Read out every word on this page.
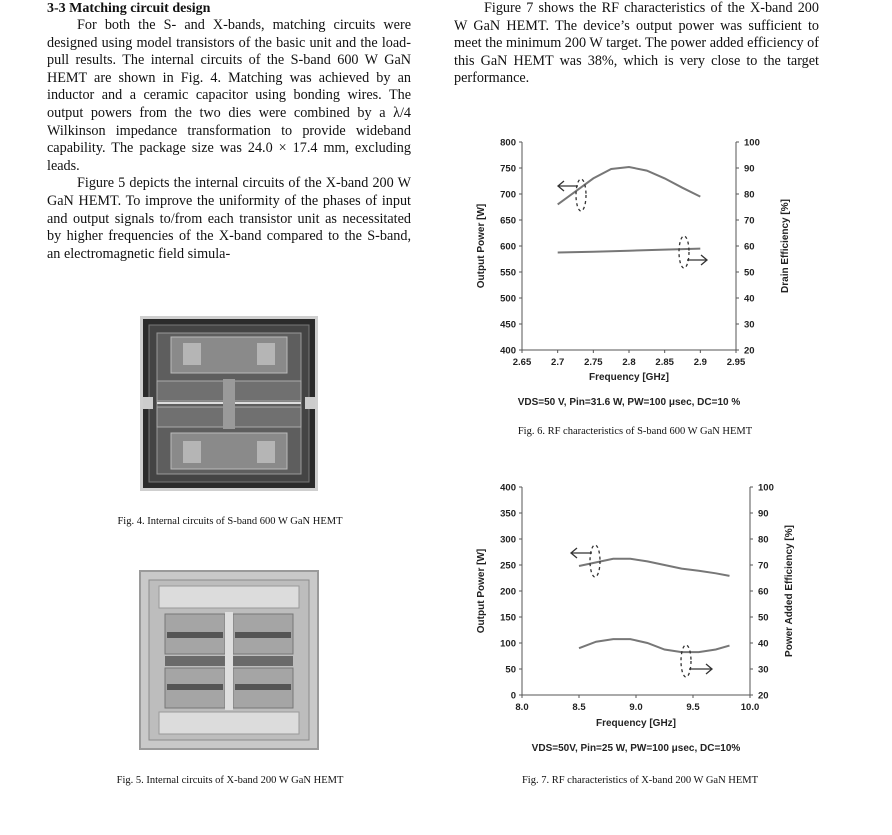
3-3 Matching circuit design

For both the S- and X-bands, matching circuits were designed using model transistors of the basic unit and the load-pull results. The internal circuits of the S-band 600 W GaN HEMT are shown in Fig. 4. Matching was achieved by an inductor and a ceramic capacitor using bonding wires. The output powers from the two dies were combined by a λ/4 Wilkinson impedance transformation to provide wideband capability. The package size was 24.0 × 17.4 mm, excluding leads.

Figure 5 depicts the internal circuits of the X-band 200 W GaN HEMT. To improve the uniformity of the phases of input and output signals to/from each transistor unit as necessitated by higher frequencies of the X-band compared to the S-band, an electromagnetic field simula-

Fig. 4. Internal circuits of S-band 600 W GaN HEMT
Fig. 5. Internal circuits of X-band 200 W GaN HEMT

Figure 7 shows the RF characteristics of the X-band 200 W GaN HEMT. The device’s output power was sufficient to meet the minimum 200 W target. The power added efficiency of this GaN HEMT was 38%, which is very close to the target performance.

400
450
500
550
600
650
700
750
800
20
30
40
50
60
70
80
90
100
2.65 2.7 2.75 2.8 2.85 2.9 2.95
Output Power [W]	Drain Efficiency [%]
Frequency [GHz]
VDS=50 V, Pin=31.6 W, PW=100 μsec, DC=10 %
Fig. 6. RF characteristics of S-band 600 W GaN HEMT
0
50
100
150
200
250
300
350
400
20
30
40
50
60
70
80
90
100
8.0	8.5	9.0	9.5	10.0
Output Power [W]	Power Added Efficiency [%]
Frequency [GHz]
VDS=50V, Pin=25 W, PW=100 μsec, DC=10%
Fig. 7. RF characteristics of X-band 200 W GaN HEMT
